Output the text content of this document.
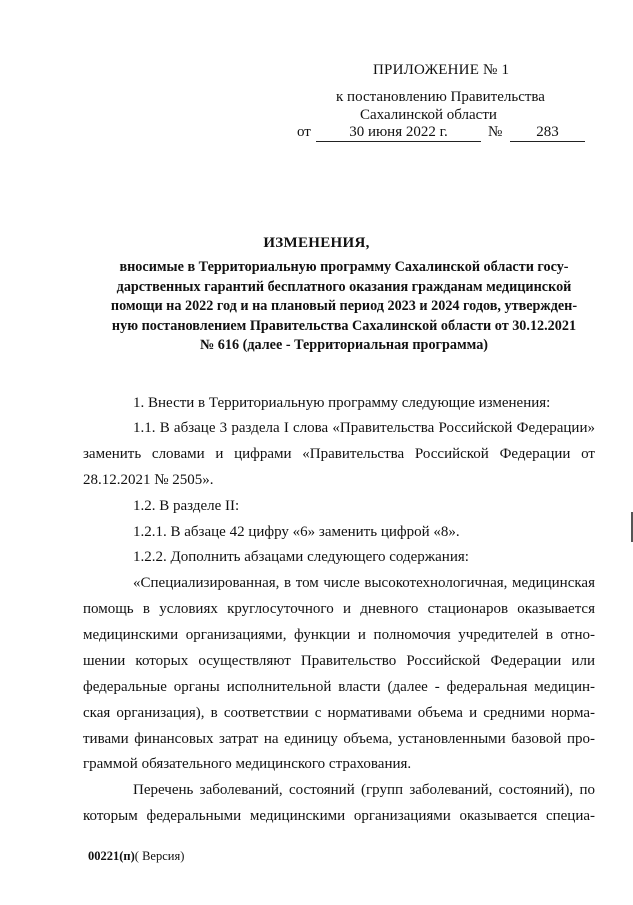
ПРИЛОЖЕНИЕ № 1
к постановлению Правительства
Сахалинской области
от	30 июня 2022 г.	№	283
ИЗМЕНЕНИЯ,
вносимые в Территориальную программу Сахалинской области госу-
дарственных гарантий бесплатного оказания гражданам медицинской
помощи на 2022 год и на плановый период 2023 и 2024 годов, утвержден-
ную постановлением Правительства Сахалинской области от 30.12.2021
№ 616 (далее - Территориальная программа)
1. Внести в Территориальную программу следующие изменения:
1.1. В абзаце 3 раздела I слова «Правительства Российской Федерации»
заменить словами и цифрами «Правительства Российской Федерации от
28.12.2021 № 2505».
1.2. В разделе II:
1.2.1. В абзаце 42 цифру «6» заменить цифрой «8».
1.2.2. Дополнить абзацами следующего содержания:
«Специализированная, в том числе высокотехнологичная, медицинская
помощь в условиях круглосуточного и дневного стационаров оказывается
медицинскими организациями, функции и полномочия учредителей в отно-
шении которых осуществляют Правительство Российской Федерации или
федеральные органы исполнительной власти (далее - федеральная медицин-
ская организация), в соответствии с нормативами объема и средними норма-
тивами финансовых затрат на единицу объема, установленными базовой про-
граммой обязательного медицинского страхования.
Перечень заболеваний, состояний (групп заболеваний, состояний), по
которым федеральными медицинскими организациями оказывается специа-
00221(п)( Версия)
